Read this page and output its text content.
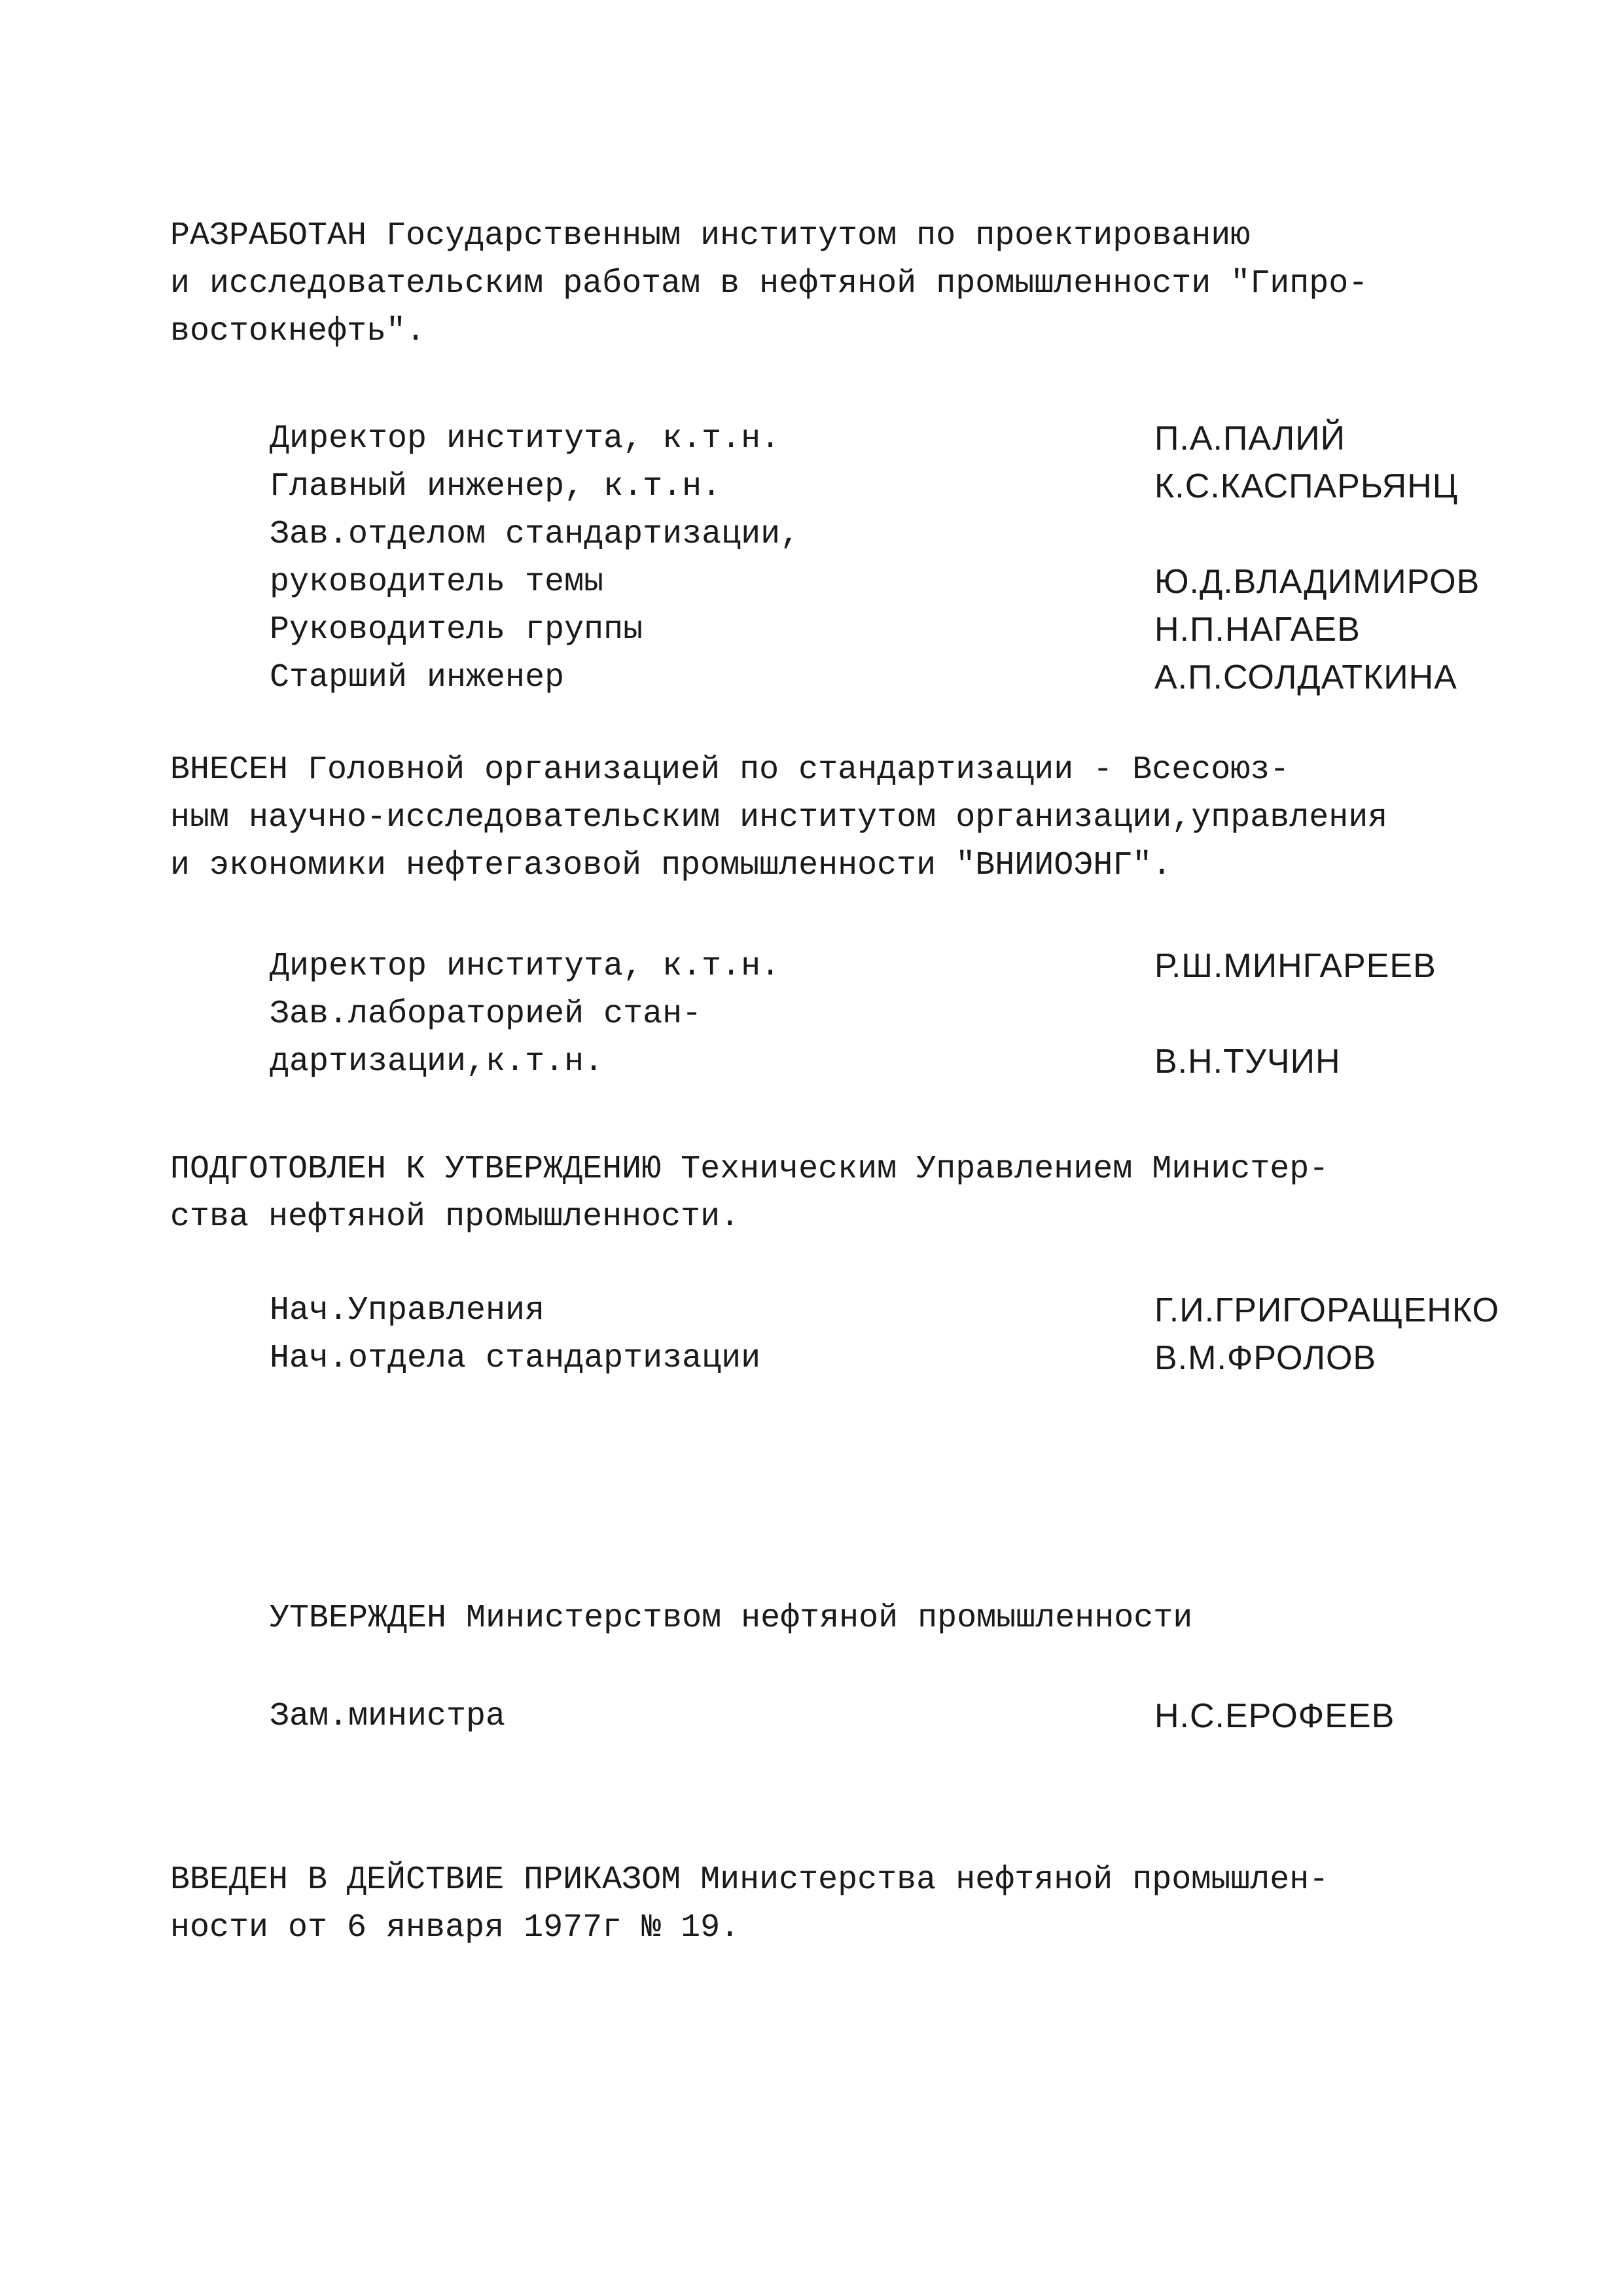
РАЗРАБОТАН Государственным институтом по проектированию
и исследовательским работам в нефтяной промышленности "Гипро-
востокнефть".
Директор института, к.т.н.	П.А.ПАЛИЙ
Главный инженер, к.т.н.	К.С.КАСПАРЬЯНЦ
Зав.отделом стандартизации,
руководитель темы	Ю.Д.ВЛАДИМИРОВ
Руководитель группы	Н.П.НАГАЕВ
Старший инженер	А.П.СОЛДАТКИНА
ВНЕСЕН Головной организацией по стандартизации - Всесоюз-
ным научно-исследовательским институтом организации,управления
и экономики нефтегазовой промышленности "ВНИИОЭНГ".
Директор института, к.т.н.	Р.Ш.МИНГАРЕЕВ
Зав.лабораторией стан-
дартизации,к.т.н.	В.Н.ТУЧИН
ПОДГОТОВЛЕН К УТВЕРЖДЕНИЮ Техническим Управлением Министер-
ства нефтяной промышленности.
Нач.Управления	Г.И.ГРИГОРАЩЕНКО
Нач.отдела стандартизации	В.М.ФРОЛОВ
УТВЕРЖДЕН Министерством нефтяной промышленности
Зам.министра	Н.С.ЕРОФЕЕВ
ВВЕДЕН В ДЕЙСТВИЕ ПРИКАЗОМ Министерства нефтяной промышлен-
ности от 6 января 1977г № 19.
